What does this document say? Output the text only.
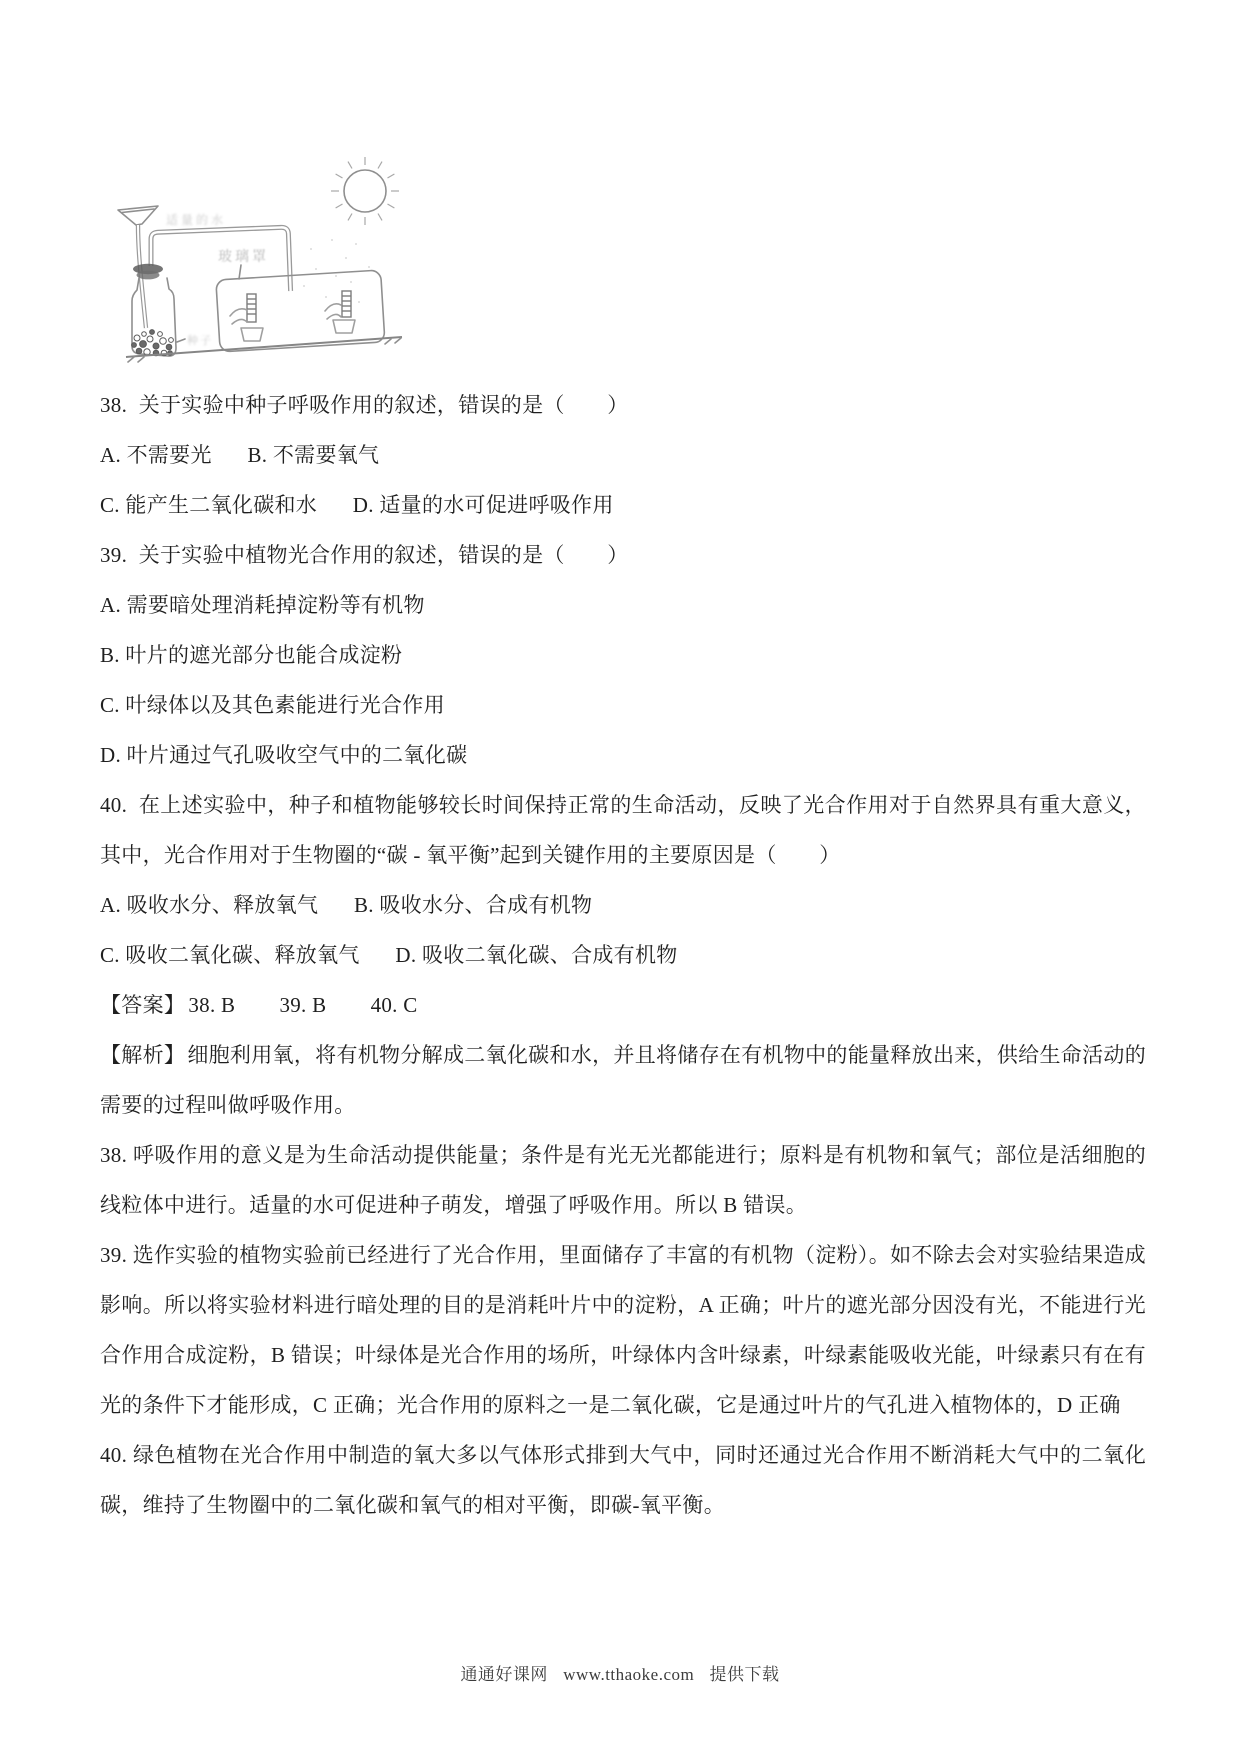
适量的水
种子
玻璃罩

38. 关于实验中种子呼吸作用的叙述，错误的是（　　）

A. 不需要光 B. 不需要氧气

C. 能产生二氧化碳和水 D. 适量的水可促进呼吸作用

39. 关于实验中植物光合作用的叙述，错误的是（　　）

A. 需要暗处理消耗掉淀粉等有机物

B. 叶片的遮光部分也能合成淀粉

C. 叶绿体以及其色素能进行光合作用

D. 叶片通过气孔吸收空气中的二氧化碳

40. 在上述实验中，种子和植物能够较长时间保持正常的生命活动，反映了光合作用对于自然界具有重大意义，其中，光合作用对于生物圈的“碳 - 氧平衡”起到关键作用的主要原因是（　　）

A. 吸收水分、释放氧气 B. 吸收水分、合成有机物

C. 吸收二氧化碳、释放氧气 D. 吸收二氧化碳、合成有机物

【答案】 38. B 39. B 40. C

【解析】细胞利用氧，将有机物分解成二氧化碳和水，并且将储存在有机物中的能量释放出来，供给生命活动的需要的过程叫做呼吸作用。

38. 呼吸作用的意义是为生命活动提供能量；条件是有光无光都能进行；原料是有机物和氧气；部位是活细胞的线粒体中进行。适量的水可促进种子萌发，增强了呼吸作用。所以 B 错误。

39. 选作实验的植物实验前已经进行了光合作用，里面储存了丰富的有机物（淀粉）。如不除去会对实验结果造成影响。所以将实验材料进行暗处理的目的是消耗叶片中的淀粉，A 正确；叶片的遮光部分因没有光，不能进行光合作用合成淀粉，B 错误；叶绿体是光合作用的场所，叶绿体内含叶绿素，叶绿素能吸收光能，叶绿素只有在有光的条件下才能形成，C 正确；光合作用的原料之一是二氧化碳，它是通过叶片的气孔进入植物体的，D 正确

40. 绿色植物在光合作用中制造的氧大多以气体形式排到大气中，同时还通过光合作用不断消耗大气中的二氧化碳，维持了生物圈中的二氧化碳和氧气的相对平衡，即碳-氧平衡。

通通好课网 www.tthaoke.com 提供下载
